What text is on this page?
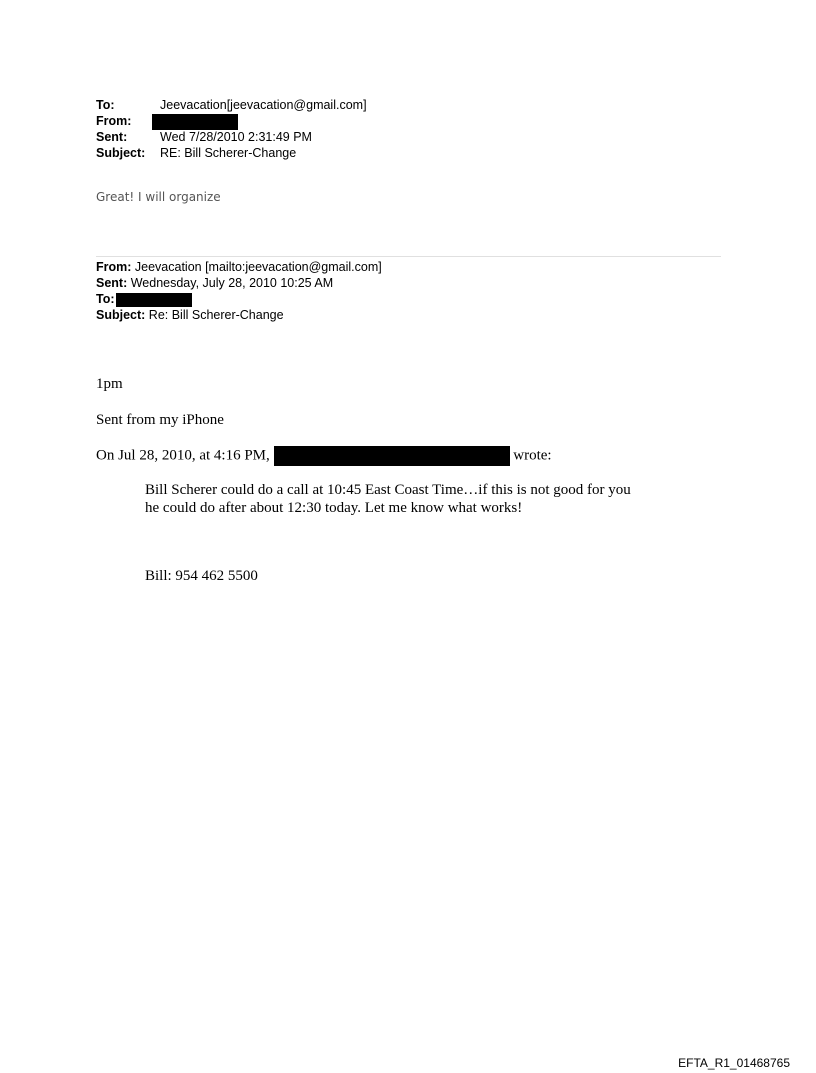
To:	Jeevacation[jeevacation@gmail.com]
From:
Sent:	Wed 7/28/2010 2:31:49 PM
Subject: RE: Bill Scherer-Change
Great! I will organize
From: Jeevacation [mailto:jeevacation@gmail.com]
Sent: Wednesday, July 28, 2010 10:25 AM
To:
Subject: Re: Bill Scherer-Change
1pm
Sent from my iPhone
On Jul 28, 2010, at 4:16 PM,	wrote:
Bill Scherer could do a call at 10:45 East Coast Time…if this is not good for you
he could do after about 12:30 today. Let me know what works!
Bill: 954 462 5500
EFTA_R1_01468765
